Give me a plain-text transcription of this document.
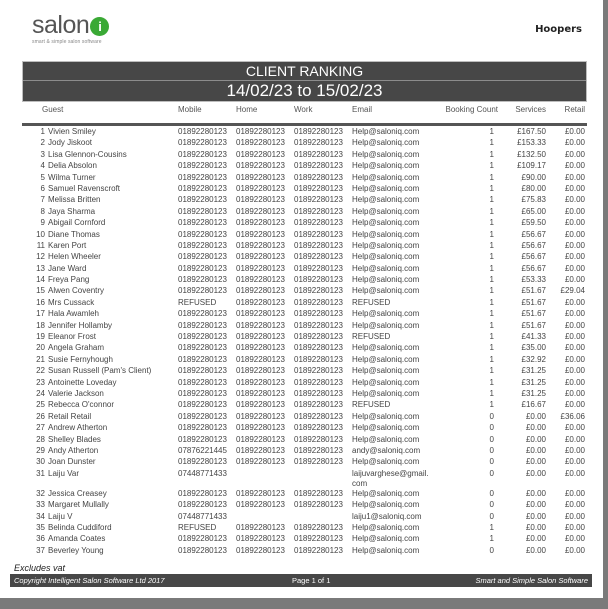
salon i
smart & simple salon software
Hoopers
CLIENT RANKING
14/02/23 to 15/02/23
Guest	Mobile	Home	Work	Email	Booking Count	Services	Retail

1 Vivien Smiley	01892280123	01892280123	01892280123	Help@saloniq.com	1	£167.50	£0.00
2 Jody Jiskoot	01892280123	01892280123	01892280123	Help@saloniq.com	1	£153.33	£0.00
3 Lisa Glennon-Cousins	01892280123	01892280123	01892280123	Help@saloniq.com	1	£132.50	£0.00
4 Delia Absolon	01892280123	01892280123	01892280123	Help@saloniq.com	1	£109.17	£0.00
5 Wilma Turner	01892280123	01892280123	01892280123	Help@saloniq.com	1	£90.00	£0.00
6 Samuel Ravenscroft	01892280123	01892280123	01892280123	Help@saloniq.com	1	£80.00	£0.00
7 Melissa Britten	01892280123	01892280123	01892280123	Help@saloniq.com	1	£75.83	£0.00
8 Jaya Sharma	01892280123	01892280123	01892280123	Help@saloniq.com	1	£65.00	£0.00
9 Abigail Cornford	01892280123	01892280123	01892280123	Help@saloniq.com	1	£59.50	£0.00
10 Diane Thomas	01892280123	01892280123	01892280123	Help@saloniq.com	1	£56.67	£0.00
11 Karen Port	01892280123	01892280123	01892280123	Help@saloniq.com	1	£56.67	£0.00
12 Helen Wheeler	01892280123	01892280123	01892280123	Help@saloniq.com	1	£56.67	£0.00
13 Jane Ward	01892280123	01892280123	01892280123	Help@saloniq.com	1	£56.67	£0.00
14 Freya Pang	01892280123	01892280123	01892280123	Help@saloniq.com	1	£53.33	£0.00
15 Alwen Coventry	01892280123	01892280123	01892280123	Help@saloniq.com	1	£51.67	£29.04
16 Mrs Cussack	REFUSED	01892280123	01892280123	REFUSED	1	£51.67	£0.00
17 Hala Awamleh	01892280123	01892280123	01892280123	Help@saloniq.com	1	£51.67	£0.00
18 Jennifer Hollamby	01892280123	01892280123	01892280123	Help@saloniq.com	1	£51.67	£0.00
19 Eleanor Frost	01892280123	01892280123	01892280123	REFUSED	1	£41.33	£0.00
20 Angela Graham	01892280123	01892280123	01892280123	Help@saloniq.com	1	£35.00	£0.00
21 Susie Fernyhough	01892280123	01892280123	01892280123	Help@saloniq.com	1	£32.92	£0.00
22 Susan Russell (Pam's Client)	01892280123	01892280123	01892280123	Help@saloniq.com	1	£31.25	£0.00
23 Antoinette Loveday	01892280123	01892280123	01892280123	Help@saloniq.com	1	£31.25	£0.00
24 Valerie Jackson	01892280123	01892280123	01892280123	Help@saloniq.com	1	£31.25	£0.00
25 Rebecca O'connor	01892280123	01892280123	01892280123	REFUSED	1	£16.67	£0.00
26 Retail Retail	01892280123	01892280123	01892280123	Help@saloniq.com	0	£0.00	£36.06
27 Andrew Atherton	01892280123	01892280123	01892280123	Help@saloniq.com	0	£0.00	£0.00
28 Shelley Blades	01892280123	01892280123	01892280123	Help@saloniq.com	0	£0.00	£0.00
29 Andy Atherton	07876221445	01892280123	01892280123	andy@saloniq.com	0	£0.00	£0.00
30 Joan Dunster	01892280123	01892280123	01892280123	Help@saloniq.com	0	£0.00	£0.00
31 Laiju Var	07448771433			laijuvarghese@gmail.com	0	£0.00	£0.00
32 Jessica Creasey	01892280123	01892280123	01892280123	Help@saloniq.com	0	£0.00	£0.00
33 Margaret Mullally	01892280123	01892280123	01892280123	Help@saloniq.com	0	£0.00	£0.00
34 Laiju V	07448771433			laiju1@saloniq.com	0	£0.00	£0.00
35 Belinda Cuddiford	REFUSED	01892280123	01892280123	Help@saloniq.com	1	£0.00	£0.00
36 Amanda Coates	01892280123	01892280123	01892280123	Help@saloniq.com	1	£0.00	£0.00
37 Beverley Young	01892280123	01892280123	01892280123	Help@saloniq.com	0	£0.00	£0.00
Excludes vat
Copyright Intelligent Salon Software Ltd 2017	Page 1 of 1	Smart and Simple Salon Software
